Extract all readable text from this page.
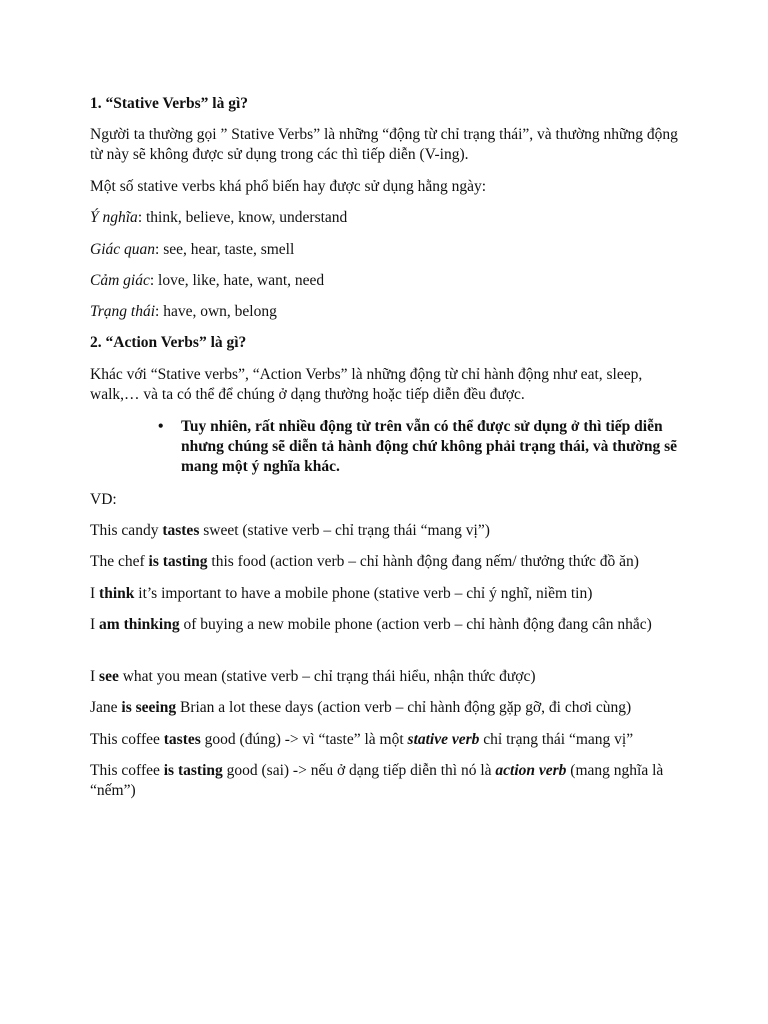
1. “Stative Verbs” là gì?

Người ta thường gọi ” Stative Verbs” là những “động từ chỉ trạng thái”, và thường những động từ này sẽ không được sử dụng trong các thì tiếp diễn (V-ing).

Một số stative verbs khá phổ biến hay được sử dụng hằng ngày:

Ý nghĩa: think, believe, know, understand

Giác quan: see, hear, taste, smell

Cảm giác: love, like, hate, want, need

Trạng thái: have, own, belong

2. “Action Verbs” là gì?

Khác với “Stative verbs”, “Action Verbs” là những động từ chỉ hành động như eat, sleep, walk,… và ta có thể để chúng ở dạng thường hoặc tiếp diễn đều được.

• Tuy nhiên, rất nhiều động từ trên vẫn có thể được sử dụng ở thì tiếp diễn nhưng chúng sẽ diễn tả hành động chứ không phải trạng thái, và thường sẽ mang một ý nghĩa khác.

VD:

This candy tastes sweet (stative verb – chỉ trạng thái “mang vị”)

The chef is tasting this food (action verb – chỉ hành động đang nếm/ thưởng thức đồ ăn)

I think it’s important to have a mobile phone (stative verb – chỉ ý nghĩ, niềm tin)

I am thinking of buying a new mobile phone (action verb – chỉ hành động đang cân nhắc)

I see what you mean (stative verb – chỉ trạng thái hiểu, nhận thức được)

Jane is seeing Brian a lot these days (action verb – chỉ hành động gặp gỡ, đi chơi cùng)

This coffee tastes good (đúng) -> vì “taste” là một stative verb chỉ trạng thái “mang vị”

This coffee is tasting good (sai) -> nếu ở dạng tiếp diễn thì nó là action verb (mang nghĩa là “nếm”)
